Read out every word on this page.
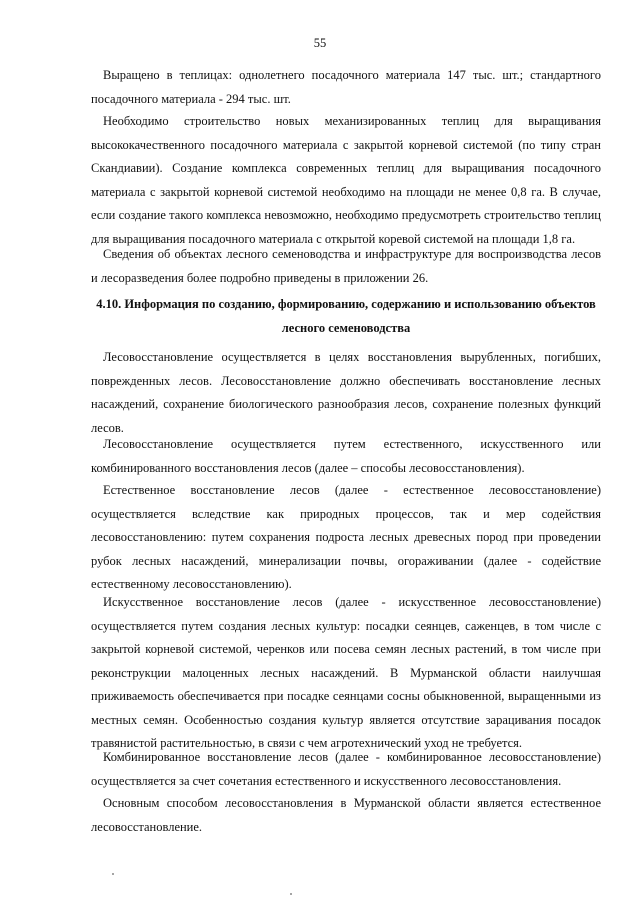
55

Выращено в теплицах: однолетнего посадочного материала 147 тыс. шт.; стандартного посадочного материала - 294 тыс. шт.

Необходимо строительство новых механизированных теплиц для выращивания высококачественного посадочного материала с закрытой корневой системой (по типу стран Скандиавии). Создание комплекса современных теплиц для выращивания посадочного материала с закрытой корневой системой необходимо на площади не менее 0,8 га. В случае, если создание такого комплекса невозможно, необходимо предусмотреть строительство теплиц для выращивания посадочного материала с открытой коревой системой на площади 1,8 га.

Сведения об объектах лесного семеноводства и инфраструктуре для воспроизводства лесов и лесоразведения более подробно приведены в приложении 26.

4.10. Информация по созданию, формированию, содержанию и использованию объектов
лесного семеноводства

Лесовосстановление осуществляется в целях восстановления вырубленных, погибших, поврежденных лесов. Лесовосстановление должно обеспечивать восстановление лесных насаждений, сохранение биологического разнообразия лесов, сохранение полезных функций лесов.

Лесовосстановление осуществляется путем естественного, искусственного или комбинированного восстановления лесов (далее – способы лесовосстановления).

Естественное восстановление лесов (далее - естественное лесовосстановление) осуществляется вследствие как природных процессов, так и мер содействия лесовосстановлению: путем сохранения подроста лесных древесных пород при проведении рубок лесных насаждений, минерализации почвы, огораживании (далее - содействие естественному лесовосстановлению).

Искусственное восстановление лесов (далее - искусственное лесовосстановление) осуществляется путем создания лесных культур: посадки сеянцев, саженцев, в том числе с закрытой корневой системой, черенков или посева семян лесных растений, в том числе при реконструкции малоценных лесных насаждений. В Мурманской области наилучшая приживаемость обеспечивается при посадке сеянцами сосны обыкновенной, выращенными из местных семян. Особенностью создания культур является отсутствие зарацивания посадок травянистой растительностью, в связи с чем агротехнический уход не требуется.

Комбинированное восстановление лесов (далее - комбинированное лесовосстановление) осуществляется за счет сочетания естественного и искусственного лесовосстановления.

Основным способом лесовосстановления в Мурманской области является естественное лесовосстановление.
